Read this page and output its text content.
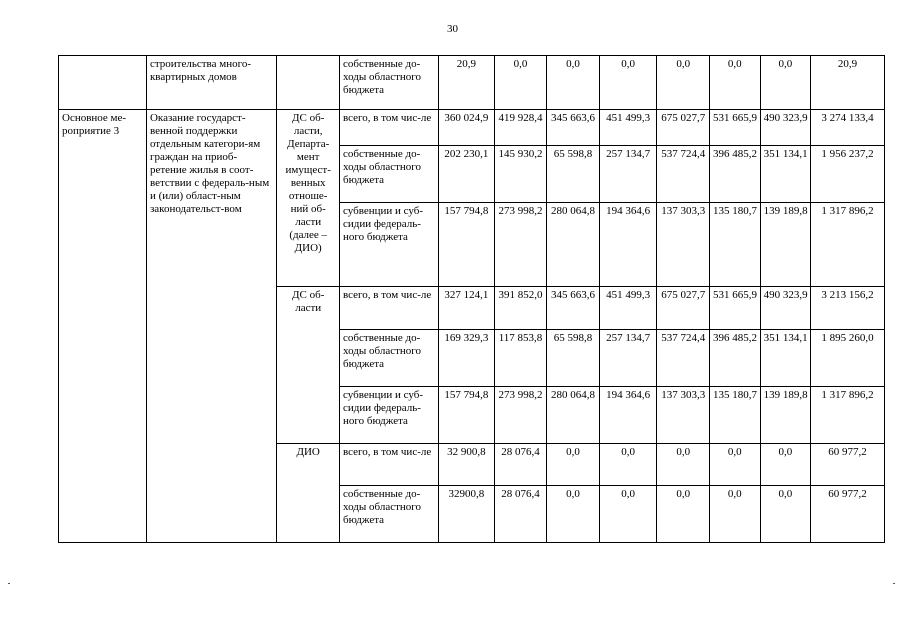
30
	строительства много-квартирных домов		собственные до-ходы областного бюджета	20,9	0,0	0,0	0,0	0,0	0,0	0,0	20,9
Основное ме-роприятие 3	Оказание государст-венной поддержки отдельным категори-ям граждан на приоб-ретение жилья в соот-ветствии с федераль-ным и (или) област-ным законодательст-вом	ДС об-ласти, Департа-мент имущест-венных отноше-ний об-ласти (далее – ДИО)	всего, в том чис-ле	360 024,9	419 928,4	345 663,6	451 499,3	675 027,7	531 665,9	490 323,9	3 274 133,4
			собственные до-ходы областного бюджета	202 230,1	145 930,2	65 598,8	257 134,7	537 724,4	396 485,2	351 134,1	1 956 237,2
			субвенции и суб-сидии федераль-ного бюджета	157 794,8	273 998,2	280 064,8	194 364,6	137 303,3	135 180,7	139 189,8	1 317 896,2
		ДС об-ласти	всего, в том чис-ле	327 124,1	391 852,0	345 663,6	451 499,3	675 027,7	531 665,9	490 323,9	3 213 156,2
			собственные до-ходы областного бюджета	169 329,3	117 853,8	65 598,8	257 134,7	537 724,4	396 485,2	351 134,1	1 895 260,0
			субвенции и суб-сидии федераль-ного бюджета	157 794,8	273 998,2	280 064,8	194 364,6	137 303,3	135 180,7	139 189,8	1 317 896,2
		ДИО	всего, в том чис-ле	32 900,8	28 076,4	0,0	0,0	0,0	0,0	0,0	60 977,2
			собственные до-ходы областного бюджета	32900,8	28 076,4	0,0	0,0	0,0	0,0	0,0	60 977,2
